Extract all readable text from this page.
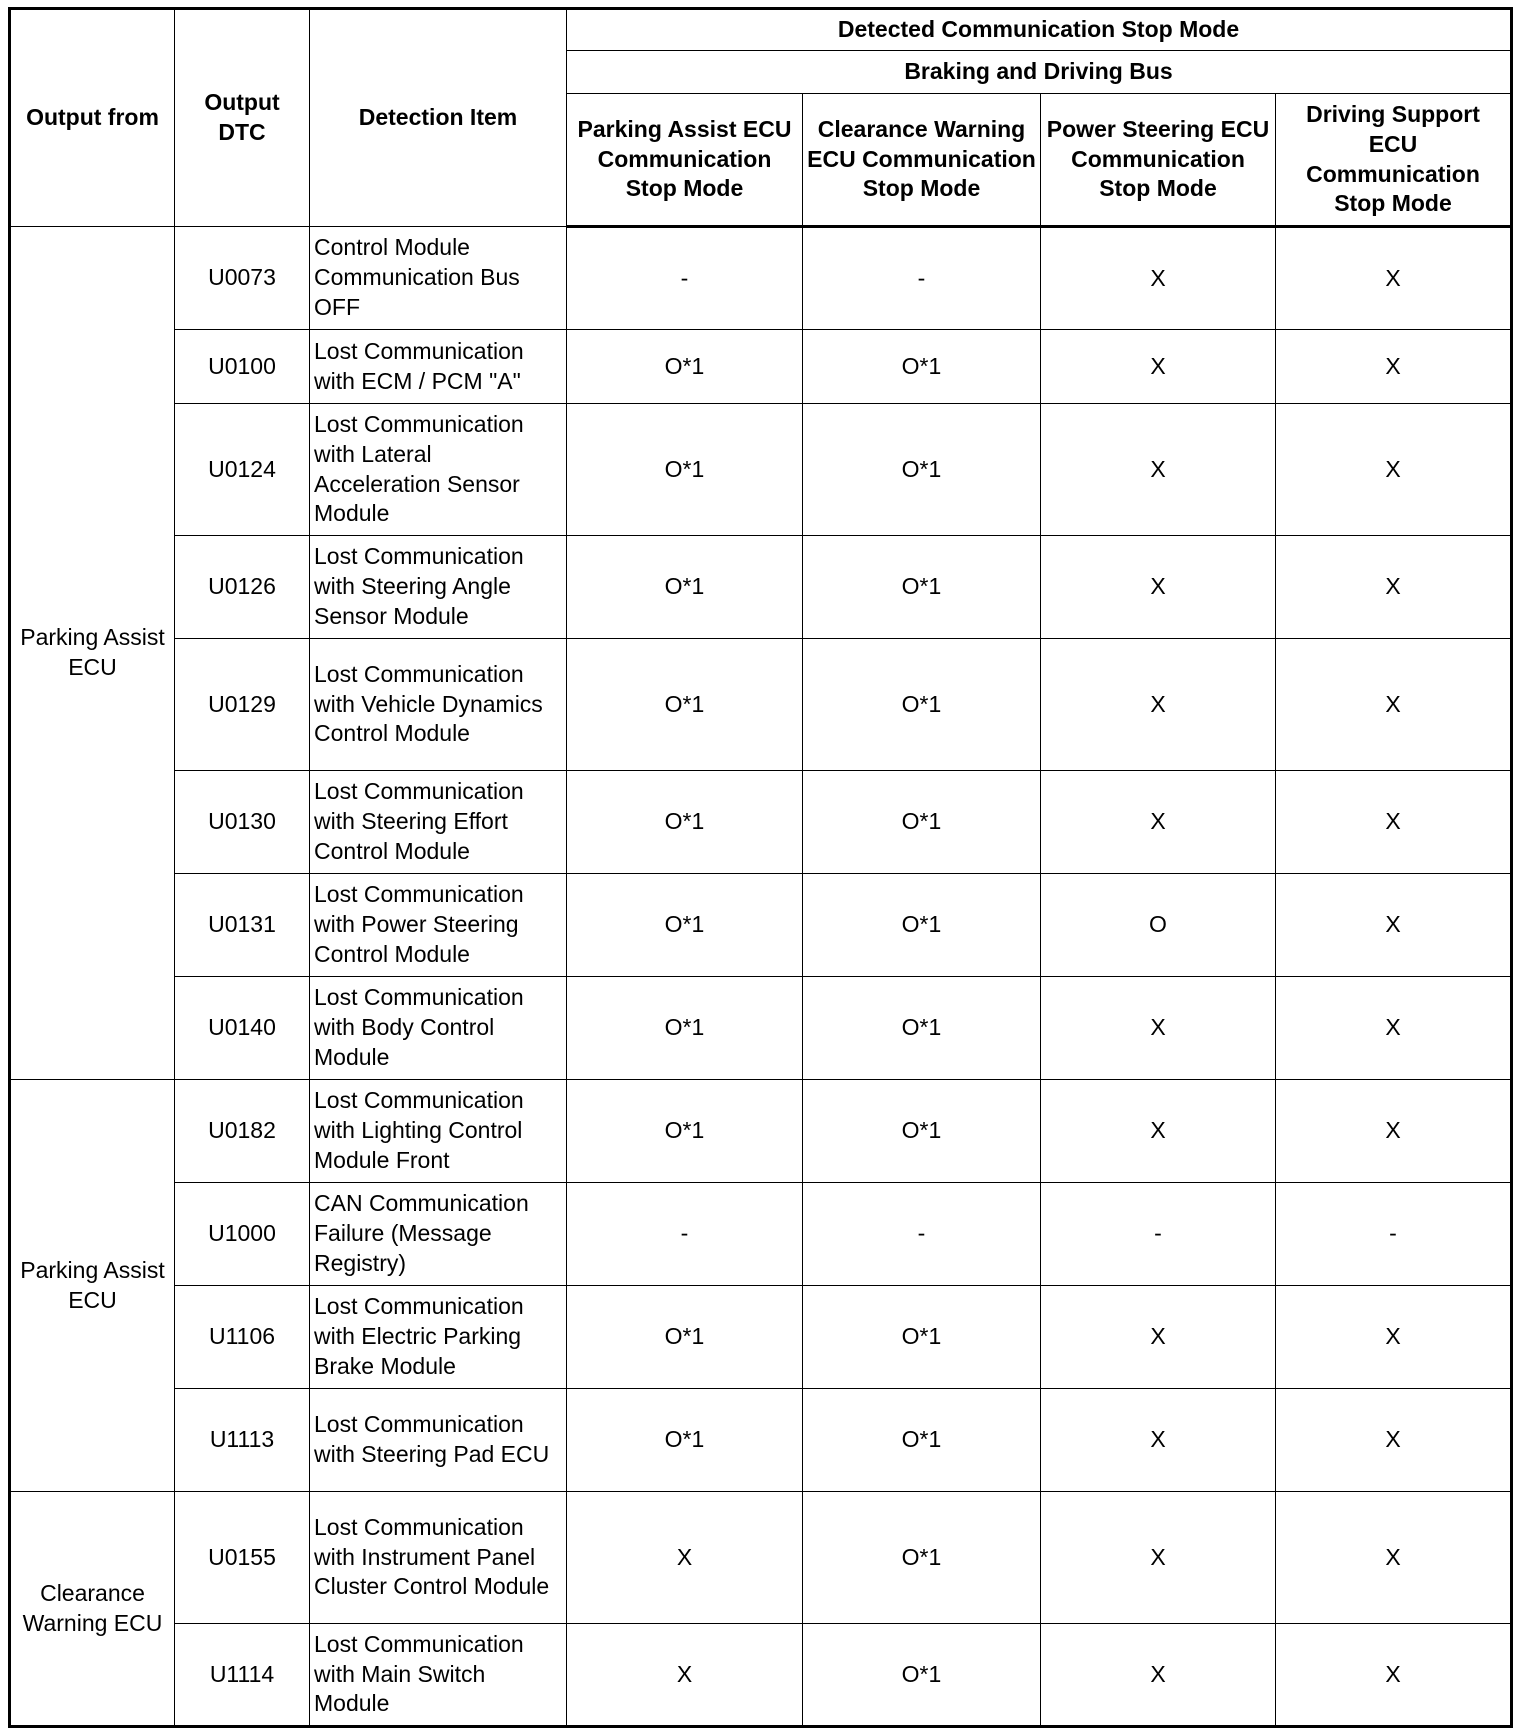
Output from	Output DTC	Detection Item	Detected Communication Stop Mode			
			Braking and Driving Bus			
			Parking Assist ECU Communication Stop Mode	Clearance Warning ECU Communication Stop Mode	Power Steering ECU Communication Stop Mode	Driving Support ECU Communication Stop Mode
Parking Assist ECU	U0073	Control Module Communication Bus OFF	-	-	X	X
	U0100	Lost Communication with ECM / PCM "A"	O*1	O*1	X	X
	U0124	Lost Communication with Lateral Acceleration Sensor Module	O*1	O*1	X	X
	U0126	Lost Communication with Steering Angle Sensor Module	O*1	O*1	X	X
	U0129	Lost Communication with Vehicle Dynamics Control Module	O*1	O*1	X	X
	U0130	Lost Communication with Steering Effort Control Module	O*1	O*1	X	X
	U0131	Lost Communication with Power Steering Control Module	O*1	O*1	O	X
	U0140	Lost Communication with Body Control Module	O*1	O*1	X	X
Parking Assist ECU	U0182	Lost Communication with Lighting Control Module Front	O*1	O*1	X	X
	U1000	CAN Communication Failure (Message Registry)	-	-	-	-
	U1106	Lost Communication with Electric Parking Brake Module	O*1	O*1	X	X
	U1113	Lost Communication with Steering Pad ECU	O*1	O*1	X	X
Clearance Warning ECU	U0155	Lost Communication with Instrument Panel Cluster Control Module	X	O*1	X	X
	U1114	Lost Communication with Main Switch Module	X	O*1	X	X
